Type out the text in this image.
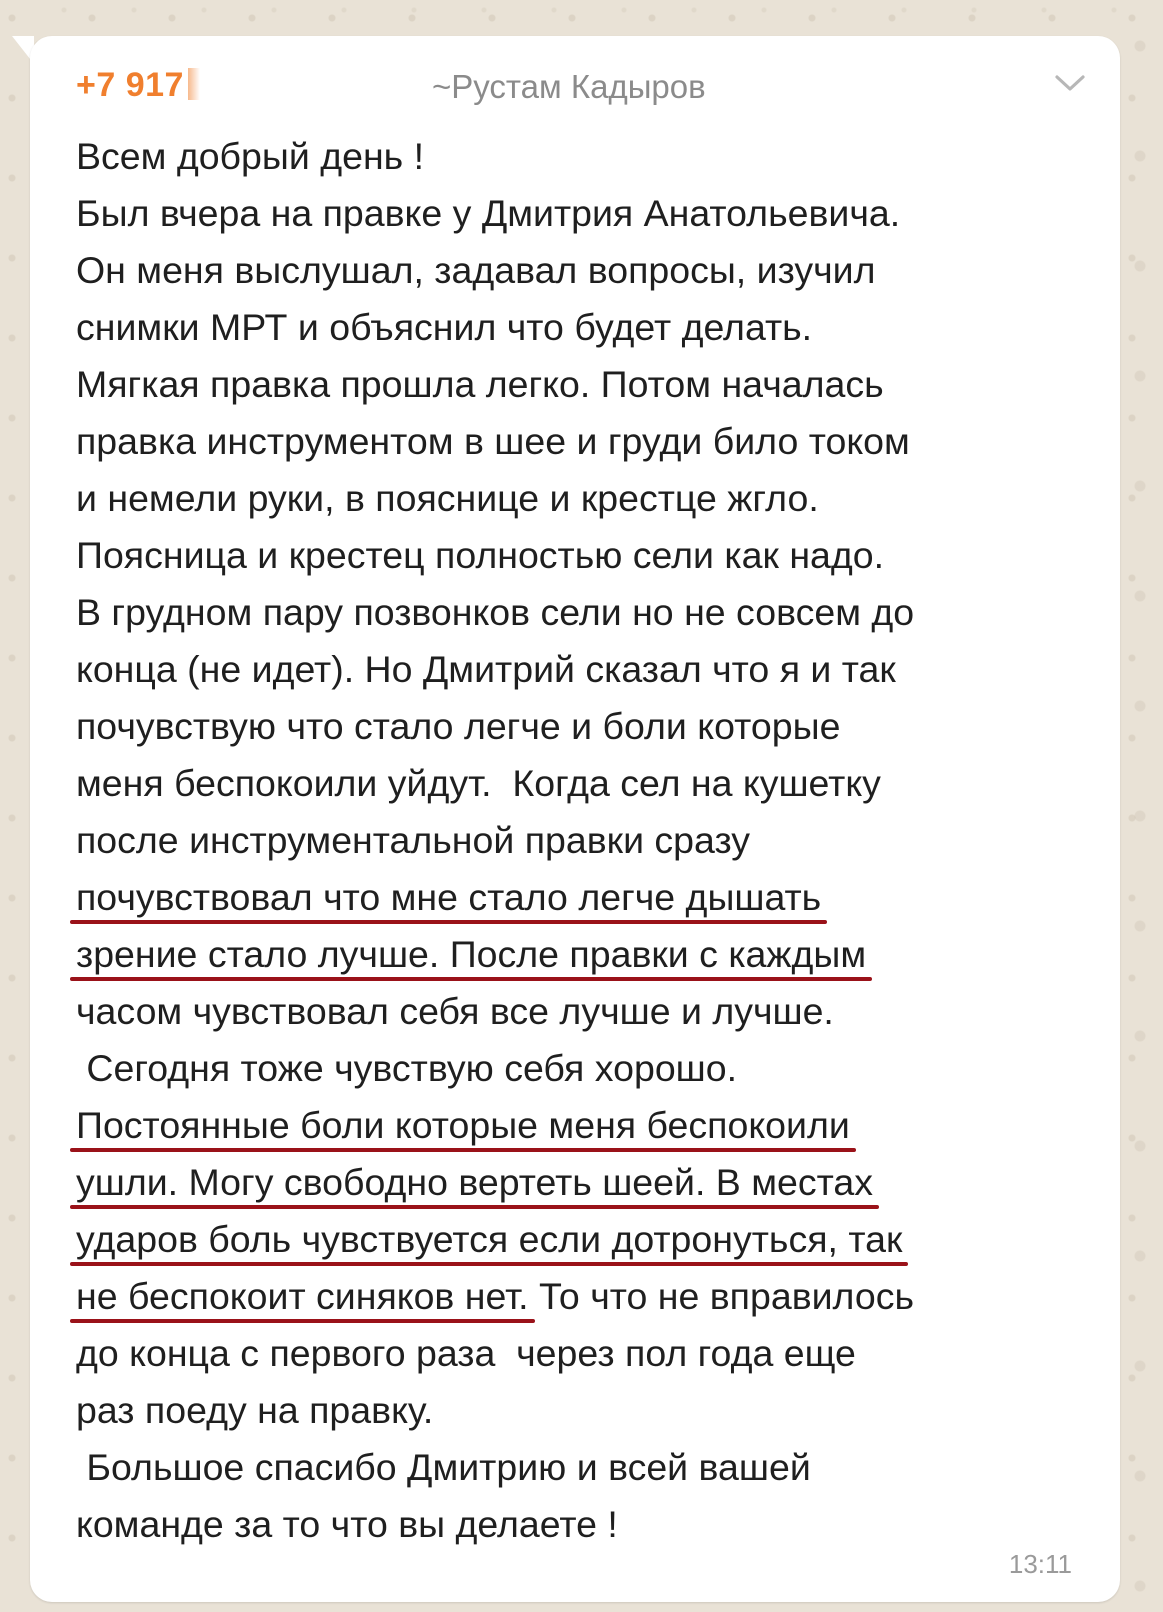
+7 917	~Рустам Кадыров
Всем добрый день !
Был вчера на правке у Дмитрия Анатольевича.
Он меня выслушал, задавал вопросы, изучил
снимки МРТ и объяснил что будет делать.
Мягкая правка прошла легко. Потом началась
правка инструментом в шее и груди било током
и немели руки, в пояснице и крестце жгло.
Поясница и крестец полностью сели как надо.
В грудном пару позвонков сели но не совсем до
конца (не идет). Но Дмитрий сказал что я и так
почувствую что стало легче и боли которые
меня беспокоили уйдут.  Когда сел на кушетку
после инструментальной правки сразу
почувствовал что мне стало легче дышать
зрение стало лучше. После правки с каждым
часом чувствовал себя все лучше и лучше.
Сегодня тоже чувствую себя хорошо.
Постоянные боли которые меня беспокоили
ушли. Могу свободно вертеть шеей. В местах
ударов боль чувствуется если дотронуться, так
не беспокоит синяков нет. То что не вправилось
до конца с первого раза  через пол года еще
раз поеду на правку.
Большое спасибо Дмитрию и всей вашей
команде за то что вы делаете !
13:11
